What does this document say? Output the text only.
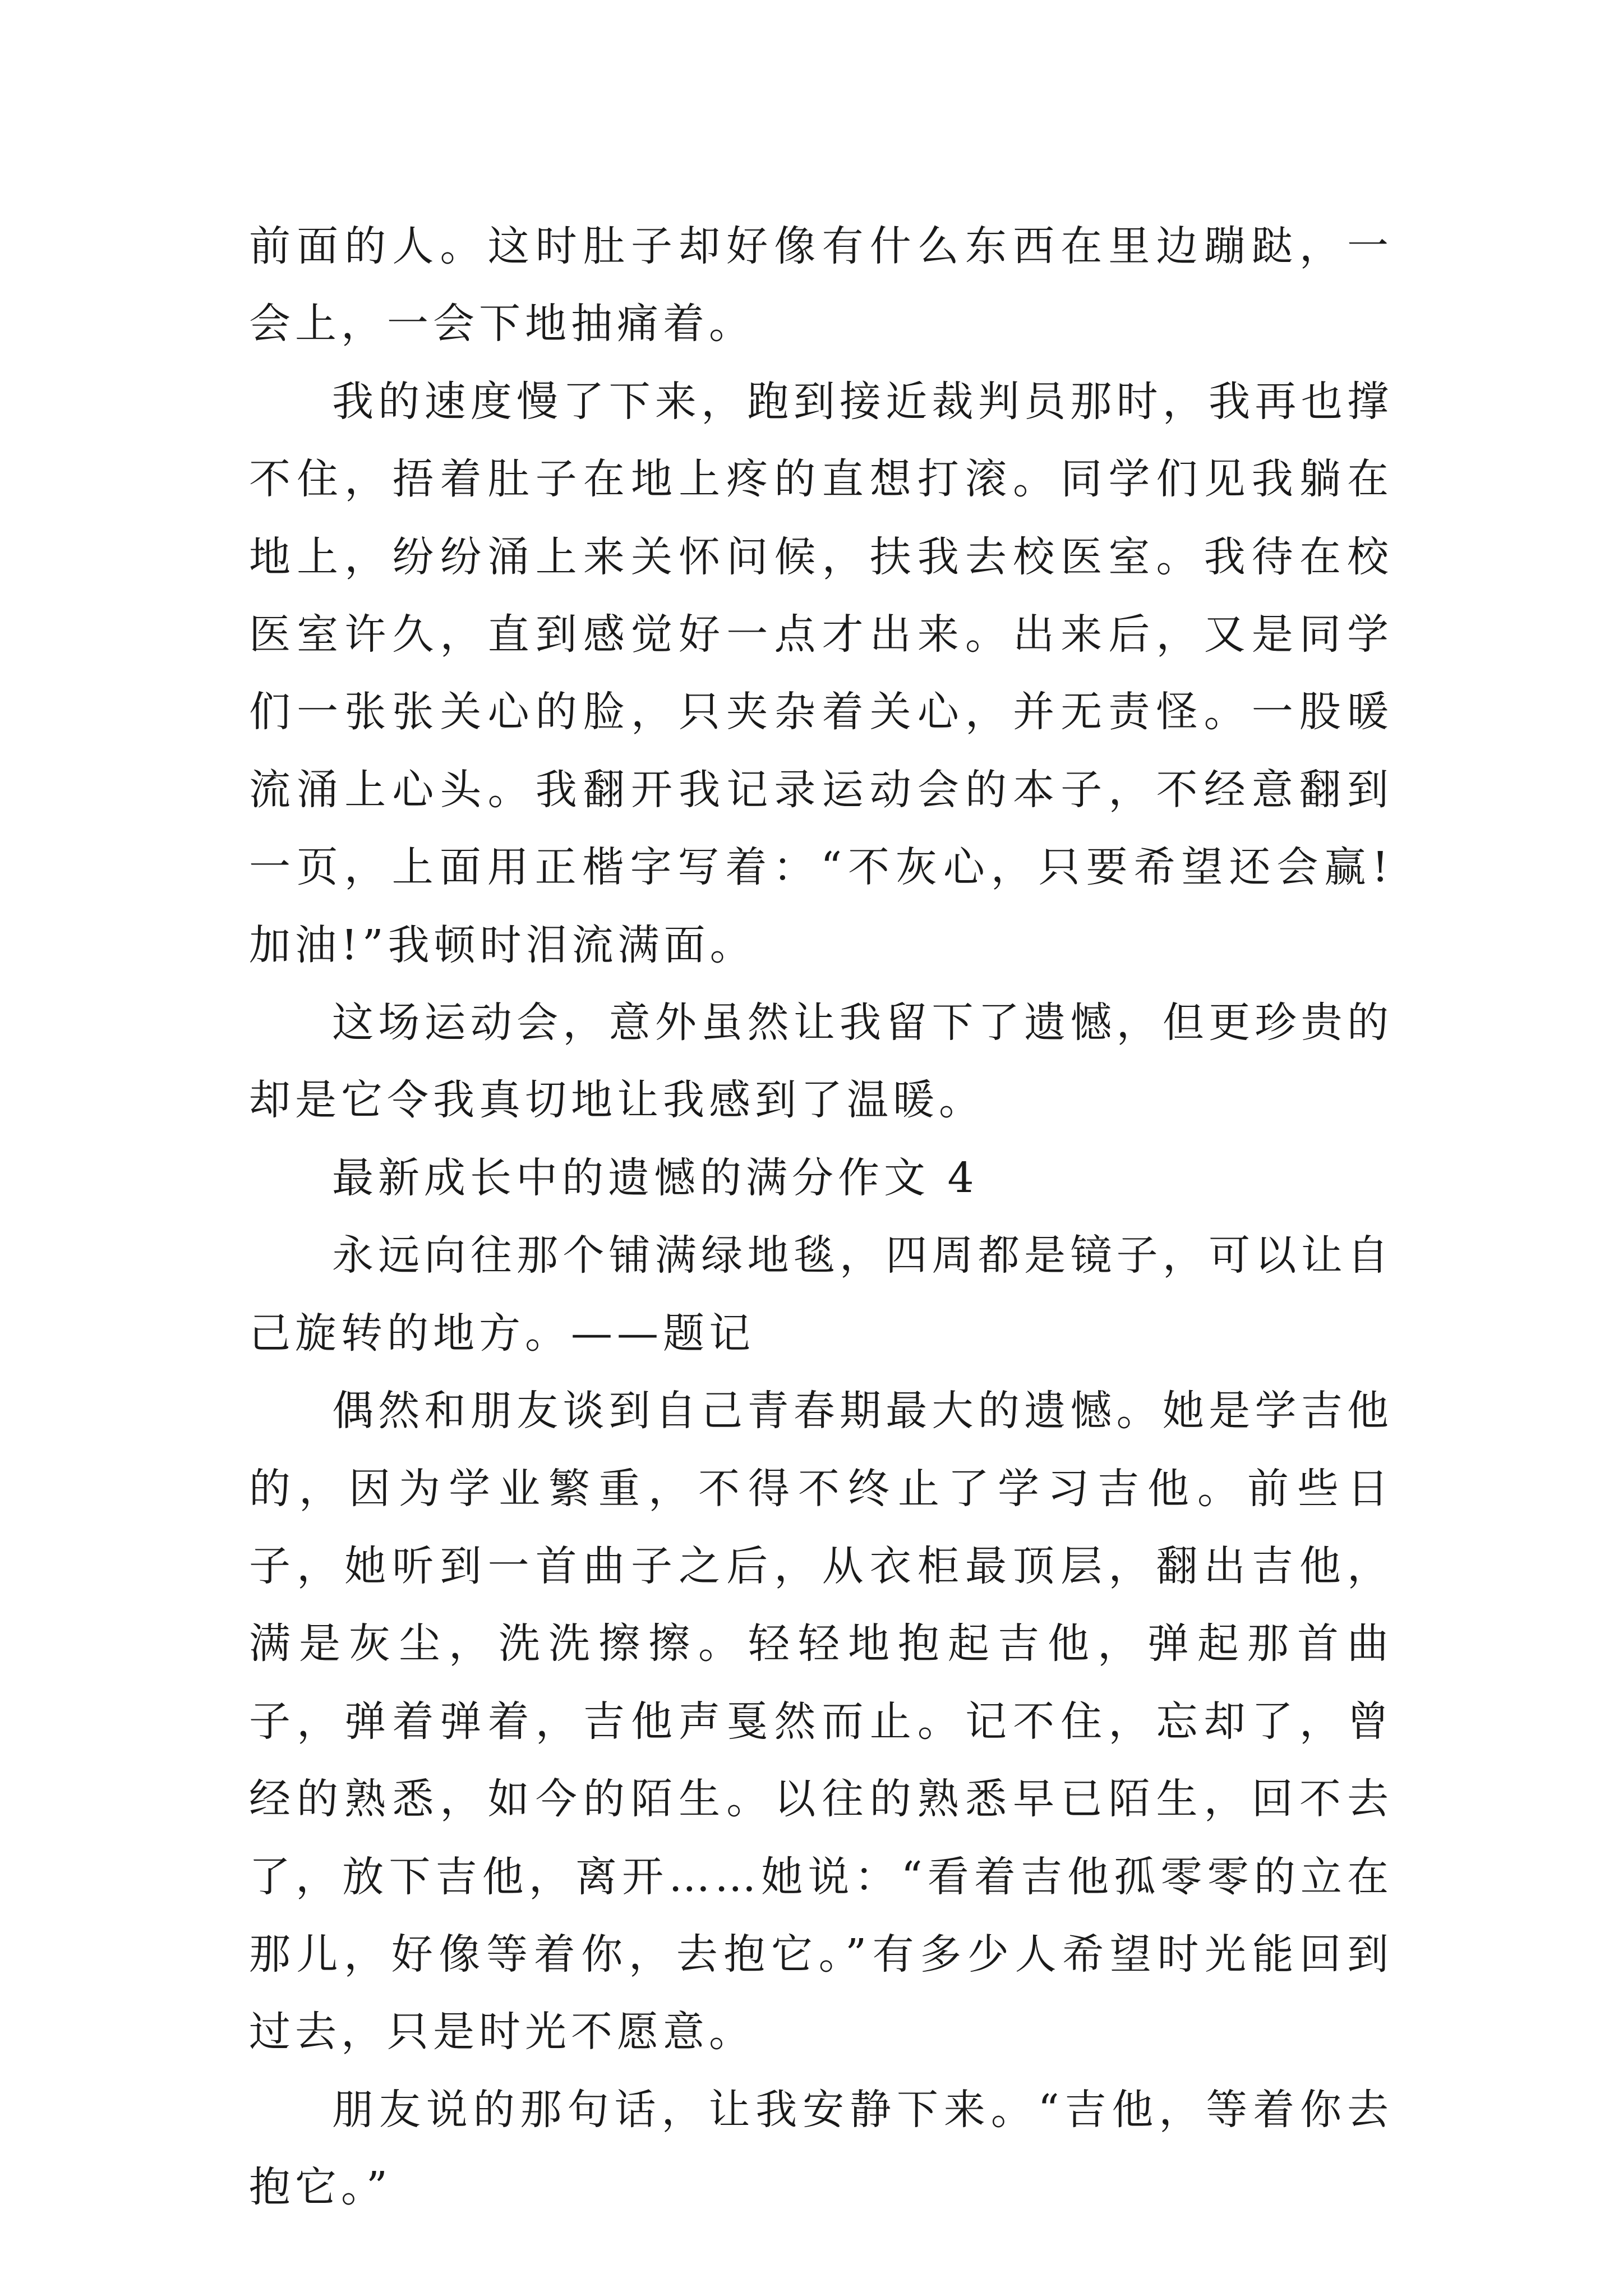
前面的人。这时肚子却好像有什么东西在里边蹦跶，一会上，一会下地抽痛着。

我的速度慢了下来，跑到接近裁判员那时，我再也撑不住，捂着肚子在地上疼的直想打滚。同学们见我躺在地上，纷纷涌上来关怀问候，扶我去校医室。我待在校医室许久，直到感觉好一点才出来。出来后，又是同学们一张张关心的脸，只夹杂着关心，并无责怪。一股暖流涌上心头。我翻开我记录运动会的本子，不经意翻到一页，上面用正楷字写着：“不灰心，只要希望还会赢!加油!”我顿时泪流满面。

这场运动会，意外虽然让我留下了遗憾，但更珍贵的却是它令我真切地让我感到了温暖。

最新成长中的遗憾的满分作文 4

永远向往那个铺满绿地毯，四周都是镜子，可以让自己旋转的地方。——题记

偶然和朋友谈到自己青春期最大的遗憾。她是学吉他的，因为学业繁重，不得不终止了学习吉他。前些日子，她听到一首曲子之后，从衣柜最顶层，翻出吉他，满是灰尘，洗洗擦擦。轻轻地抱起吉他，弹起那首曲子，弹着弹着，吉他声戛然而止。记不住，忘却了，曾经的熟悉，如今的陌生。以往的熟悉早已陌生，回不去了，放下吉他，离开……她说：“看着吉他孤零零的立在那儿，好像等着你，去抱它。”有多少人希望时光能回到过去，只是时光不愿意。

朋友说的那句话，让我安静下来。“吉他，等着你去抱它。”
